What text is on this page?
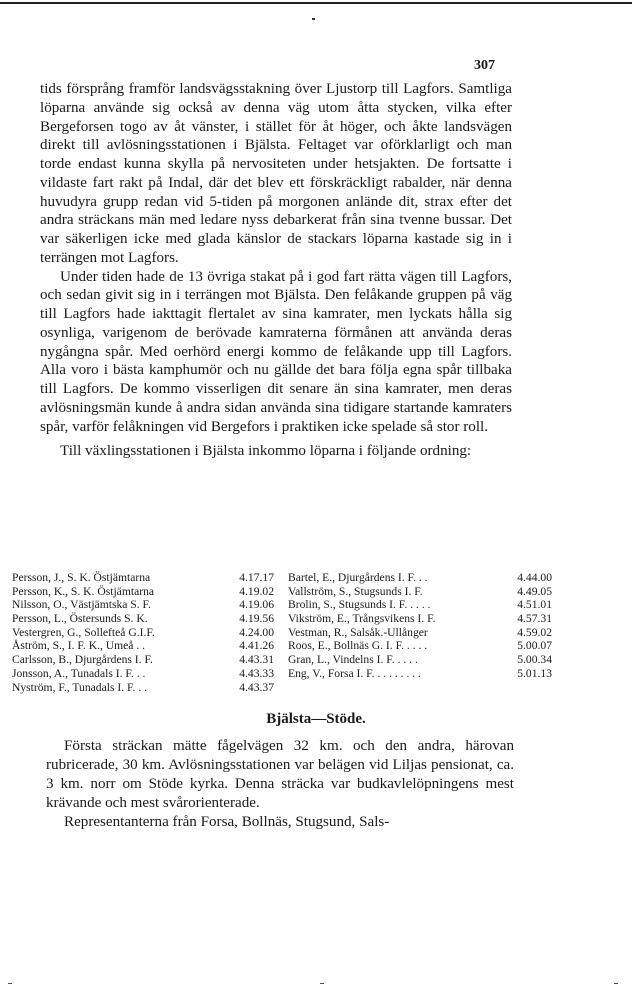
307

tids försprång framför landsvägsstakning över Ljustorp till Lagfors. Samtliga löparna använde sig också av denna väg utom åtta stycken, vilka efter Bergeforsen togo av åt vänster, i stället för åt höger, och åkte landsvägen direkt till avlösningsstationen i Bjälsta. Feltaget var oförklarligt och man torde endast kunna skylla på nervositeten under hetsjakten. De fortsatte i vildaste fart rakt på Indal, där det blev ett förskräckligt rabalder, när denna huvudyra grupp redan vid 5-tiden på morgonen anlände dit, strax efter det andra sträckans män med ledare nyss debarkerat från sina tvenne bussar. Det var säkerligen icke med glada känslor de stackars löparna kastade sig in i terrängen mot Lagfors.

Under tiden hade de 13 övriga stakat på i god fart rätta vägen till Lagfors, och sedan givit sig in i terrängen mot Bjälsta. Den felåkande gruppen på väg till Lagfors hade iakttagit flertalet av sina kamrater, men lyckats hålla sig osynliga, varigenom de berövade kamraterna förmånen att använda deras nygångna spår. Med oerhörd energi kommo de felåkande upp till Lagfors. Alla voro i bästa kamphumör och nu gällde det bara följa egna spår tillbaka till Lagfors. De kommo visserligen dit senare än sina kamrater, men deras avlösningsmän kunde å andra sidan använda sina tidigare startande kamraters spår, varför felåkningen vid Bergefors i praktiken icke spelade så stor roll.

Till växlingsstationen i Bjälsta inkommo löparna i följande ordning:

Persson, J., S. K. Östjämtarna	4.17.17
Persson, K., S. K. Östjämtarna	4.19.02
Nilsson, O., Västjämtska S. F.	4.19.06
Persson, L., Östersunds S. K.	4.19.56
Vestergren, G., Sollefteå G.I.F.	4.24.00
Åström, S., I. F. K., Umeå . .	4.41.26
Carlsson, B., Djurgårdens I. F.	4.43.31
Jonsson, A., Tunadals I. F. . .	4.43.33
Nyström, F., Tunadals I. F. . .	4.43.37
Bartel, E., Djurgårdens I. F. . .	4.44.00
Vallström, S., Stugsunds I. F.	4.49.05
Brolin, S., Stugsunds I. F. . . . .	4.51.01
Vikström, E., Trångsvikens I. F.	4.57.31
Vestman, R., Salsåk.-Ullånger	4.59.02
Roos, E., Bollnäs G. I. F. . . . .	5.00.07
Gran, L., Vindelns I. F. . . . .	5.00.34
Eng, V., Forsa I. F. . . . . . . . .	5.01.13
Bjälsta—Stöde.

Första sträckan mätte fågelvägen 32 km. och den andra, härovan rubricerade, 30 km. Avlösningsstationen var belägen vid Liljas pensionat, ca. 3 km. norr om Stöde kyrka. Denna sträcka var budkavlelöpningens mest krävande och mest svårorienterade.

Representanterna från Forsa, Bollnäs, Stugsund, Sals-
